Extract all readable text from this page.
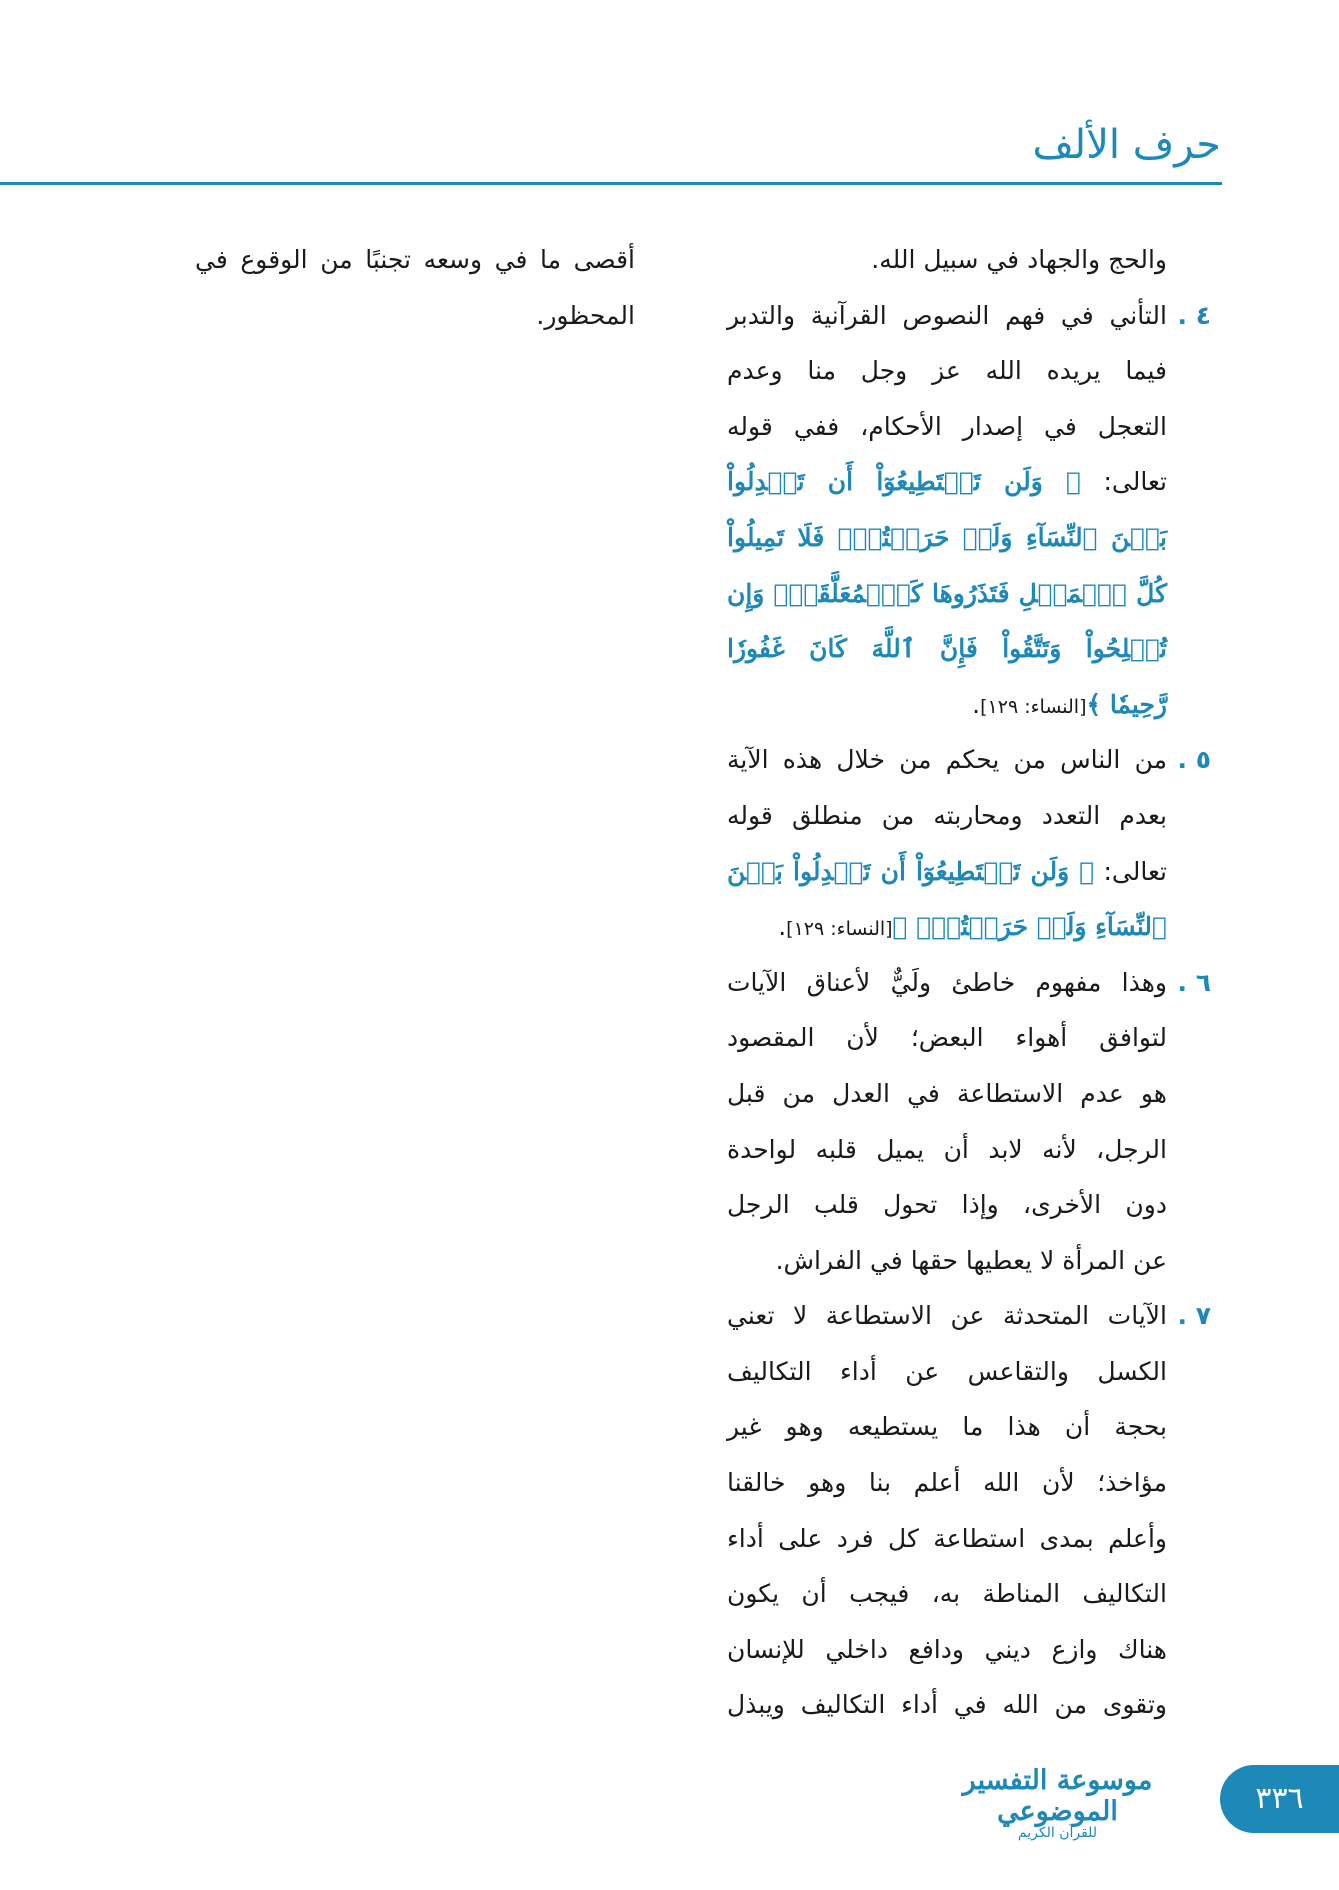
حرف الألف
والحج والجهاد في سبيل الله.
٤ .
التأني في فهم النصوص القرآنية والتدبر
فيما يريده الله عز وجل منا وعدم
التعجل في إصدار الأحكام، ففي قوله
تعالى: ﴿ وَلَن تَسۡتَطِيعُوٓاْ أَن تَعۡدِلُواْ
بَيۡنَ ٱلنِّسَآءِ وَلَوۡ حَرَصۡتُمۡۖ فَلَا تَمِيلُواْ
كُلَّ ٱلۡمَيۡلِ فَتَذَرُوهَا كَٱلۡمُعَلَّقَةِۚ وَإِن
تُصۡلِحُواْ وَتَتَّقُواْ فَإِنَّ ٱللَّهَ كَانَ غَفُورٗا
رَّحِيمٗا ﴾[النساء: ١٢٩].
٥ .
من الناس من يحكم من خلال هذه الآية
بعدم التعدد ومحاربته من منطلق قوله
تعالى: ﴿ وَلَن تَسۡتَطِيعُوٓاْ أَن تَعۡدِلُواْ بَيۡنَ
ٱلنِّسَآءِ وَلَوۡ حَرَصۡتُمۡۖ ﴾[النساء: ١٢٩].
٦ .
وهذا مفهوم خاطئ ولَيٌّ لأعناق الآيات
لتوافق أهواء البعض؛ لأن المقصود
هو عدم الاستطاعة في العدل من قبل
الرجل، لأنه لابد أن يميل قلبه لواحدة
دون الأخرى، وإذا تحول قلب الرجل
عن المرأة لا يعطيها حقها في الفراش.
٧ .
الآيات المتحدثة عن الاستطاعة لا تعني
الكسل والتقاعس عن أداء التكاليف
بحجة أن هذا ما يستطيعه وهو غير
مؤاخذ؛ لأن الله أعلم بنا وهو خالقنا
وأعلم بمدى استطاعة كل فرد على أداء
التكاليف المناطة به، فيجب أن يكون
هناك وازع ديني ودافع داخلي للإنسان
وتقوى من الله في أداء التكاليف ويبذل
أقصى ما في وسعه تجنبًا من الوقوع في
المحظور.
موسوعة التفسير الموضوعي
للقرآن الكريم
٣٣٦
